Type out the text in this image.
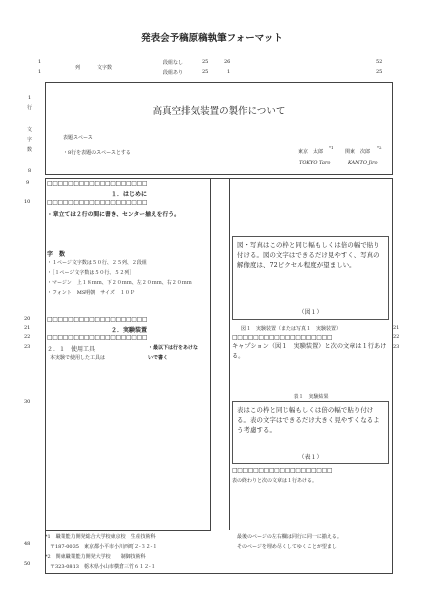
発表会予稿原稿執筆フォーマット
1
1
列	文字数
段組なし	25	26	52
段組あり	25	1	25
1
行
文
字
数
8
高真空排気装置の製作について
表題スペース
・8行を表題のスペースとする	東京　太郎
*1
関東　次郎
*2
TOKYO Taro	KANTO Jiro
9
10
20
21
22
23
30
48
50
21
22
23
□□□□□□□□□□□□□□□□□□□
１．はじめに
□□□□□□□□□□□□□□□□□□□
・章立ては２行の間に書き、センター揃えを行う。
字　数
・１ページ文字数は５０行、２５列、２段組
・［１ページ文字数は５０行、５２列］
・マージン　上１８ｍｍ、下２０ｍｍ、左２０ｍｍ、右２０ｍｍ
・フォント　MS明朝　サイズ　１０Ｐ
□□□□□□□□□□□□□□□□□□□
２．実験装置
□□□□□□□□□□□□□□□□□□□
２．１　使用工具
本実験で使用した工具は
・最以下は行をあけな
いで書く
*1　職業能力開発総合大学校東京校　生産技術科
〒187-0035　東京都小平市小川西町２-３２-１
*2　関東職業能力開発大学校　　制御技術科
〒323-0813　栃木県小山市横倉三竹６１２-１
図・写真はこの枠と同じ幅もしくは倍の幅で貼り付ける。図の文字はできるだけ見やすく、写真の解像度は、72ピクセル程度が望ましい。
（図１）
図１　実験装置（または写真１　実験装置）
□□□□□□□□□□□□□□□□□□□
キャプション（図１　実験装置）と次の文章は１行あける。
表１　実験結果
表はこの枠と同じ幅もしくは倍の幅で貼り付ける。表の文字はできるだけ大きく見やすくなるよう考慮する。
（表１）
□□□□□□□□□□□□□□□□□□□
表の終わりと次の文章は１行あける。
最後のページの左右欄は同行に同一に揃える。
そのページを埋め尽くしてゆくことが望まし
